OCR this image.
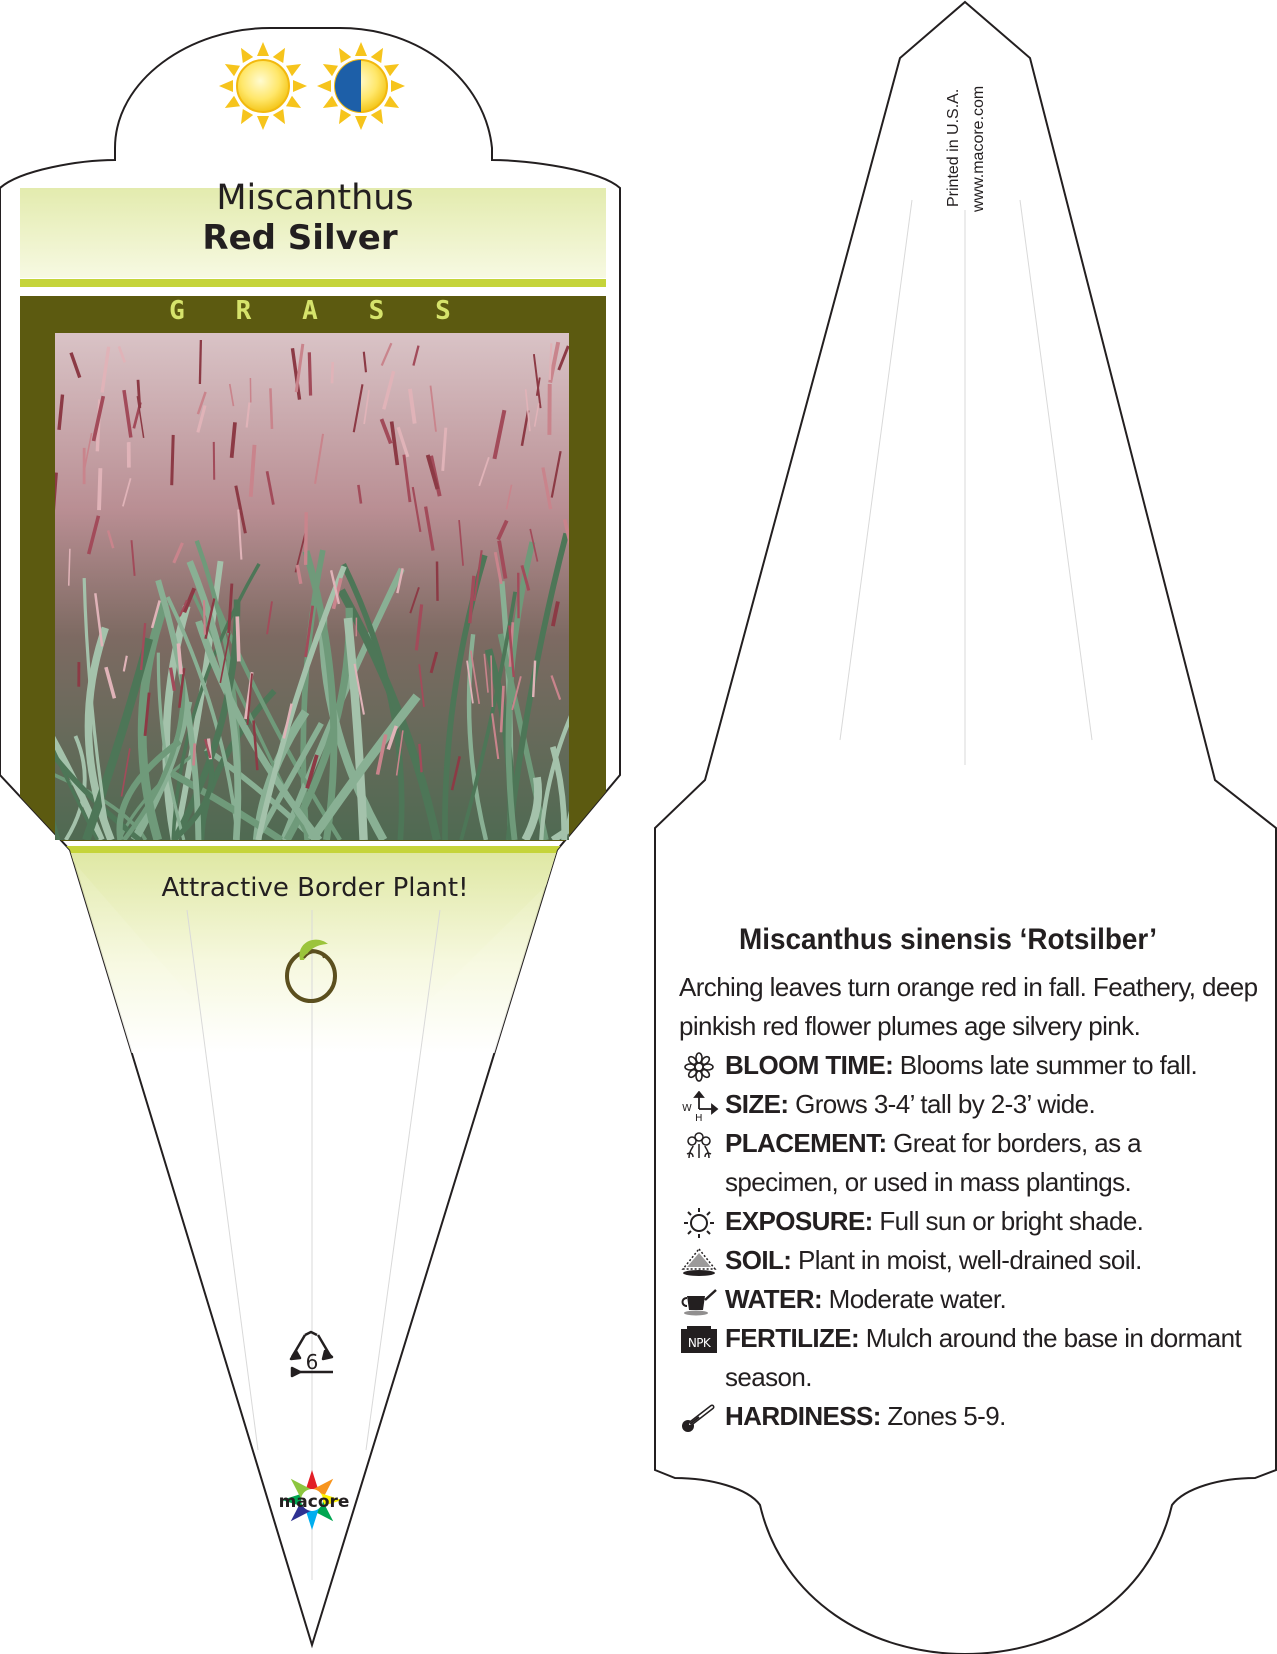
Miscanthus
Red Silver
G	R	A	S	S
Attractive Border Plant!
6
macore
Printed in U.S.A. www.macore.com
Miscanthus sinensis ‘Rotsilber’

Arching leaves turn orange red in fall. Feathery, deep pinkish red flower plumes age silvery pink.

BLOOM TIME: Blooms late summer to fall.
W
H SIZE: Grows 3-4’ tall by 2-3’ wide.
PLACEMENT: Great for borders, as a specimen, or used in mass plantings.
EXPOSURE: Full sun or bright shade.
SOIL: Plant in moist, well-drained soil.
WATER: Moderate water.
NPK FERTILIZE: Mulch around the base in dormant season.
HARDINESS: Zones 5-9.
